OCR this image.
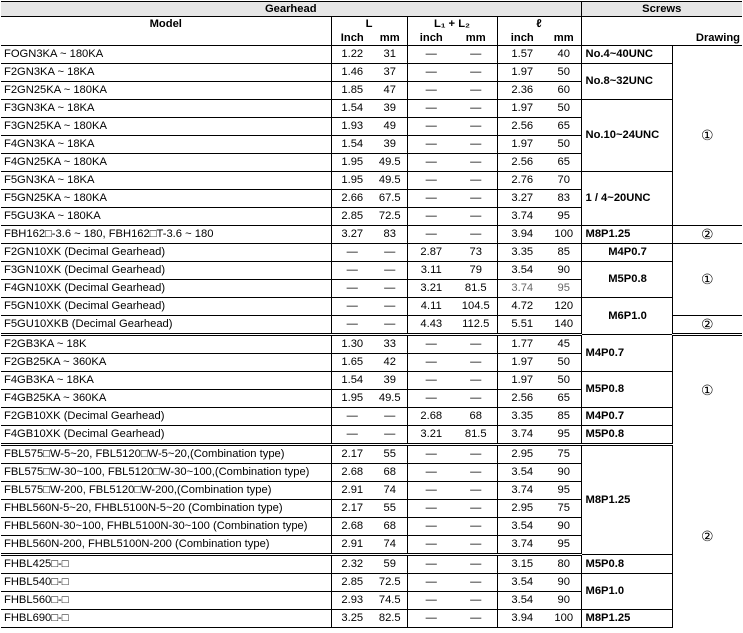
Gearhead							Screws	
Model	L		L₁ + L₂		ℓ			
	Inch	mm	inch	mm	inch	mm		Drawing
FOGN3KA ~ 180KA	1.22	31	—	—	1.57	40	No.4~40UNC	①
F2GN3KA ~ 18KA	1.46	37	—	—	1.97	50	No.8~32UNC	
F2GN25KA ~ 180KA	1.85	47	—	—	2.36	60		
F3GN3KA ~ 18KA	1.54	39	—	—	1.97	50	No.10~24UNC	
F3GN25KA ~ 180KA	1.93	49	—	—	2.56	65		
F4GN3KA ~ 18KA	1.54	39	—	—	1.97	50		
F4GN25KA ~ 180KA	1.95	49.5	—	—	2.56	65		
F5GN3KA ~ 18KA	1.95	49.5	—	—	2.76	70	1 / 4~20UNC	
F5GN25KA ~ 180KA	2.66	67.5	—	—	3.27	83		
F5GU3KA ~ 180KA	2.85	72.5	—	—	3.74	95		
FBH162□-3.6 ~ 180, FBH162□T-3.6 ~ 180	3.27	83	—	—	3.94	100	M8P1.25	②
F2GN10XK (Decimal Gearhead)	—	—	2.87	73	3.35	85	M4P0.7	①
F3GN10XK (Decimal Gearhead)	—	—	3.11	79	3.54	90	M5P0.8	
F4GN10XK (Decimal Gearhead)	—	—	3.21	81.5	3.74	95		
F5GN10XK (Decimal Gearhead)	—	—	4.11	104.5	4.72	120	M6P1.0	
F5GU10XKB (Decimal Gearhead)	—	—	4.43	112.5	5.51	140		②
F2GB3KA ~ 18K	1.30	33	—	—	1.77	45	M4P0.7	①
F2GB25KA ~ 360KA	1.65	42	—	—	1.97	50		
F4GB3KA ~ 18KA	1.54	39	—	—	1.97	50	M5P0.8	
F4GB25KA ~ 360KA	1.95	49.5	—	—	2.56	65		
F2GB10XK (Decimal Gearhead)	—	—	2.68	68	3.35	85	M4P0.7	
F4GB10XK (Decimal Gearhead)	—	—	3.21	81.5	3.74	95	M5P0.8	
FBL575□W-5~20, FBL5120□W-5~20,(Combination type)	2.17	55	—	—	2.95	75	M8P1.25	②
FBL575□W-30~100, FBL5120□W-30~100,(Combination type)	2.68	68	—	—	3.54	90		
FBL575□W-200, FBL5120□W-200,(Combination type)	2.91	74	—	—	3.74	95		
FHBL560N-5~20, FHBL5100N-5~20 (Combination type)	2.17	55	—	—	2.95	75		
FHBL560N-30~100, FHBL5100N-30~100 (Combination type)	2.68	68	—	—	3.54	90		
FHBL560N-200, FHBL5100N-200 (Combination type)	2.91	74	—	—	3.74	95		
FHBL425□-□	2.32	59	—	—	3.15	80	M5P0.8	
FHBL540□-□	2.85	72.5	—	—	3.54	90	M6P1.0	
FHBL560□-□	2.93	74.5	—	—	3.54	90		
FHBL690□-□	3.25	82.5	—	—	3.94	100	M8P1.25	
